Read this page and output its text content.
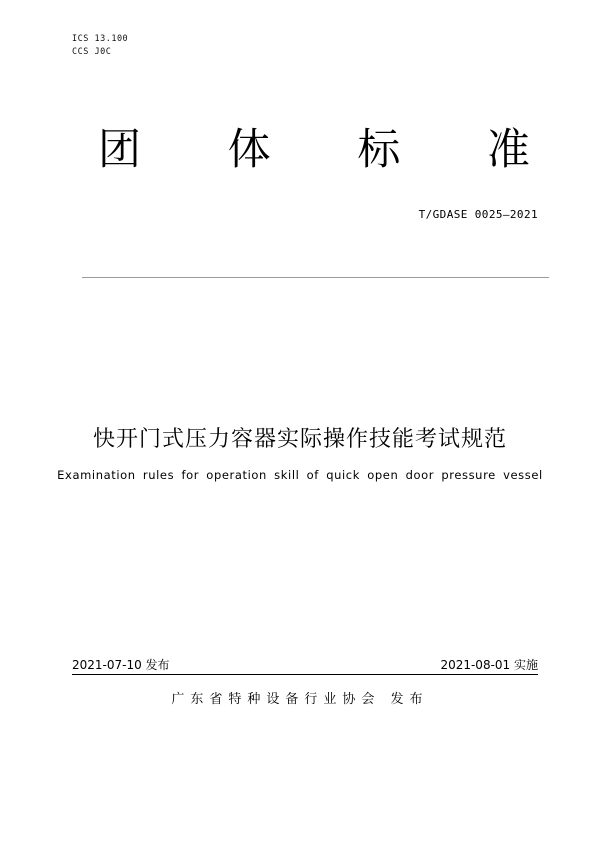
ICS 13.100
CCS J0C
团 体 标 准
T/GDASE 0025—2021
快开门式压力容器实际操作技能考试规范
Examination rules for operation skill of quick open door pressure vessel
2021-07-10 发布	2021-08-01 实施
广东省特种设备行业协会 发布
